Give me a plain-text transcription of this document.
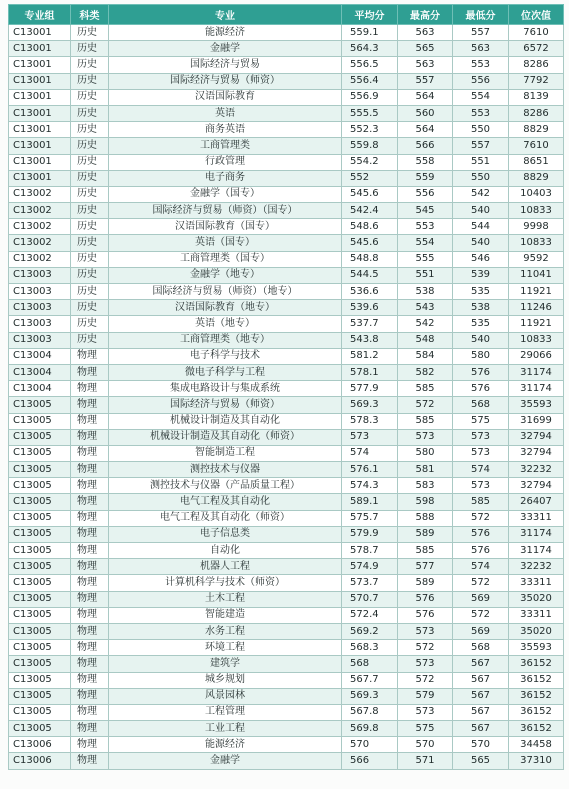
专业组	科类	专业	平均分	最高分	最低分	位次值
C13001	历史	能源经济	559.1	563	557	7610
C13001	历史	金融学	564.3	565	563	6572
C13001	历史	国际经济与贸易	556.5	563	553	8286
C13001	历史	国际经济与贸易（师资）	556.4	557	556	7792
C13001	历史	汉语国际教育	556.9	564	554	8139
C13001	历史	英语	555.5	560	553	8286
C13001	历史	商务英语	552.3	564	550	8829
C13001	历史	工商管理类	559.8	566	557	7610
C13001	历史	行政管理	554.2	558	551	8651
C13001	历史	电子商务	552	559	550	8829
C13002	历史	金融学（国专）	545.6	556	542	10403
C13002	历史	国际经济与贸易（师资）（国专）	542.4	545	540	10833
C13002	历史	汉语国际教育（国专）	548.6	553	544	9998
C13002	历史	英语（国专）	545.6	554	540	10833
C13002	历史	工商管理类（国专）	548.8	555	546	9592
C13003	历史	金融学（地专）	544.5	551	539	11041
C13003	历史	国际经济与贸易（师资）（地专）	536.6	538	535	11921
C13003	历史	汉语国际教育（地专）	539.6	543	538	11246
C13003	历史	英语（地专）	537.7	542	535	11921
C13003	历史	工商管理类（地专）	543.8	548	540	10833
C13004	物理	电子科学与技术	581.2	584	580	29066
C13004	物理	微电子科学与工程	578.1	582	576	31174
C13004	物理	集成电路设计与集成系统	577.9	585	576	31174
C13005	物理	国际经济与贸易（师资）	569.3	572	568	35593
C13005	物理	机械设计制造及其自动化	578.3	585	575	31699
C13005	物理	机械设计制造及其自动化（师资）	573	573	573	32794
C13005	物理	智能制造工程	574	580	573	32794
C13005	物理	测控技术与仪器	576.1	581	574	32232
C13005	物理	测控技术与仪器（产品质量工程）	574.3	583	573	32794
C13005	物理	电气工程及其自动化	589.1	598	585	26407
C13005	物理	电气工程及其自动化（师资）	575.7	588	572	33311
C13005	物理	电子信息类	579.9	589	576	31174
C13005	物理	自动化	578.7	585	576	31174
C13005	物理	机器人工程	574.9	577	574	32232
C13005	物理	计算机科学与技术（师资）	573.7	589	572	33311
C13005	物理	土木工程	570.7	576	569	35020
C13005	物理	智能建造	572.4	576	572	33311
C13005	物理	水务工程	569.2	573	569	35020
C13005	物理	环境工程	568.3	572	568	35593
C13005	物理	建筑学	568	573	567	36152
C13005	物理	城乡规划	567.7	572	567	36152
C13005	物理	风景园林	569.3	579	567	36152
C13005	物理	工程管理	567.8	573	567	36152
C13005	物理	工业工程	569.8	575	567	36152
C13006	物理	能源经济	570	570	570	34458
C13006	物理	金融学	566	571	565	37310
